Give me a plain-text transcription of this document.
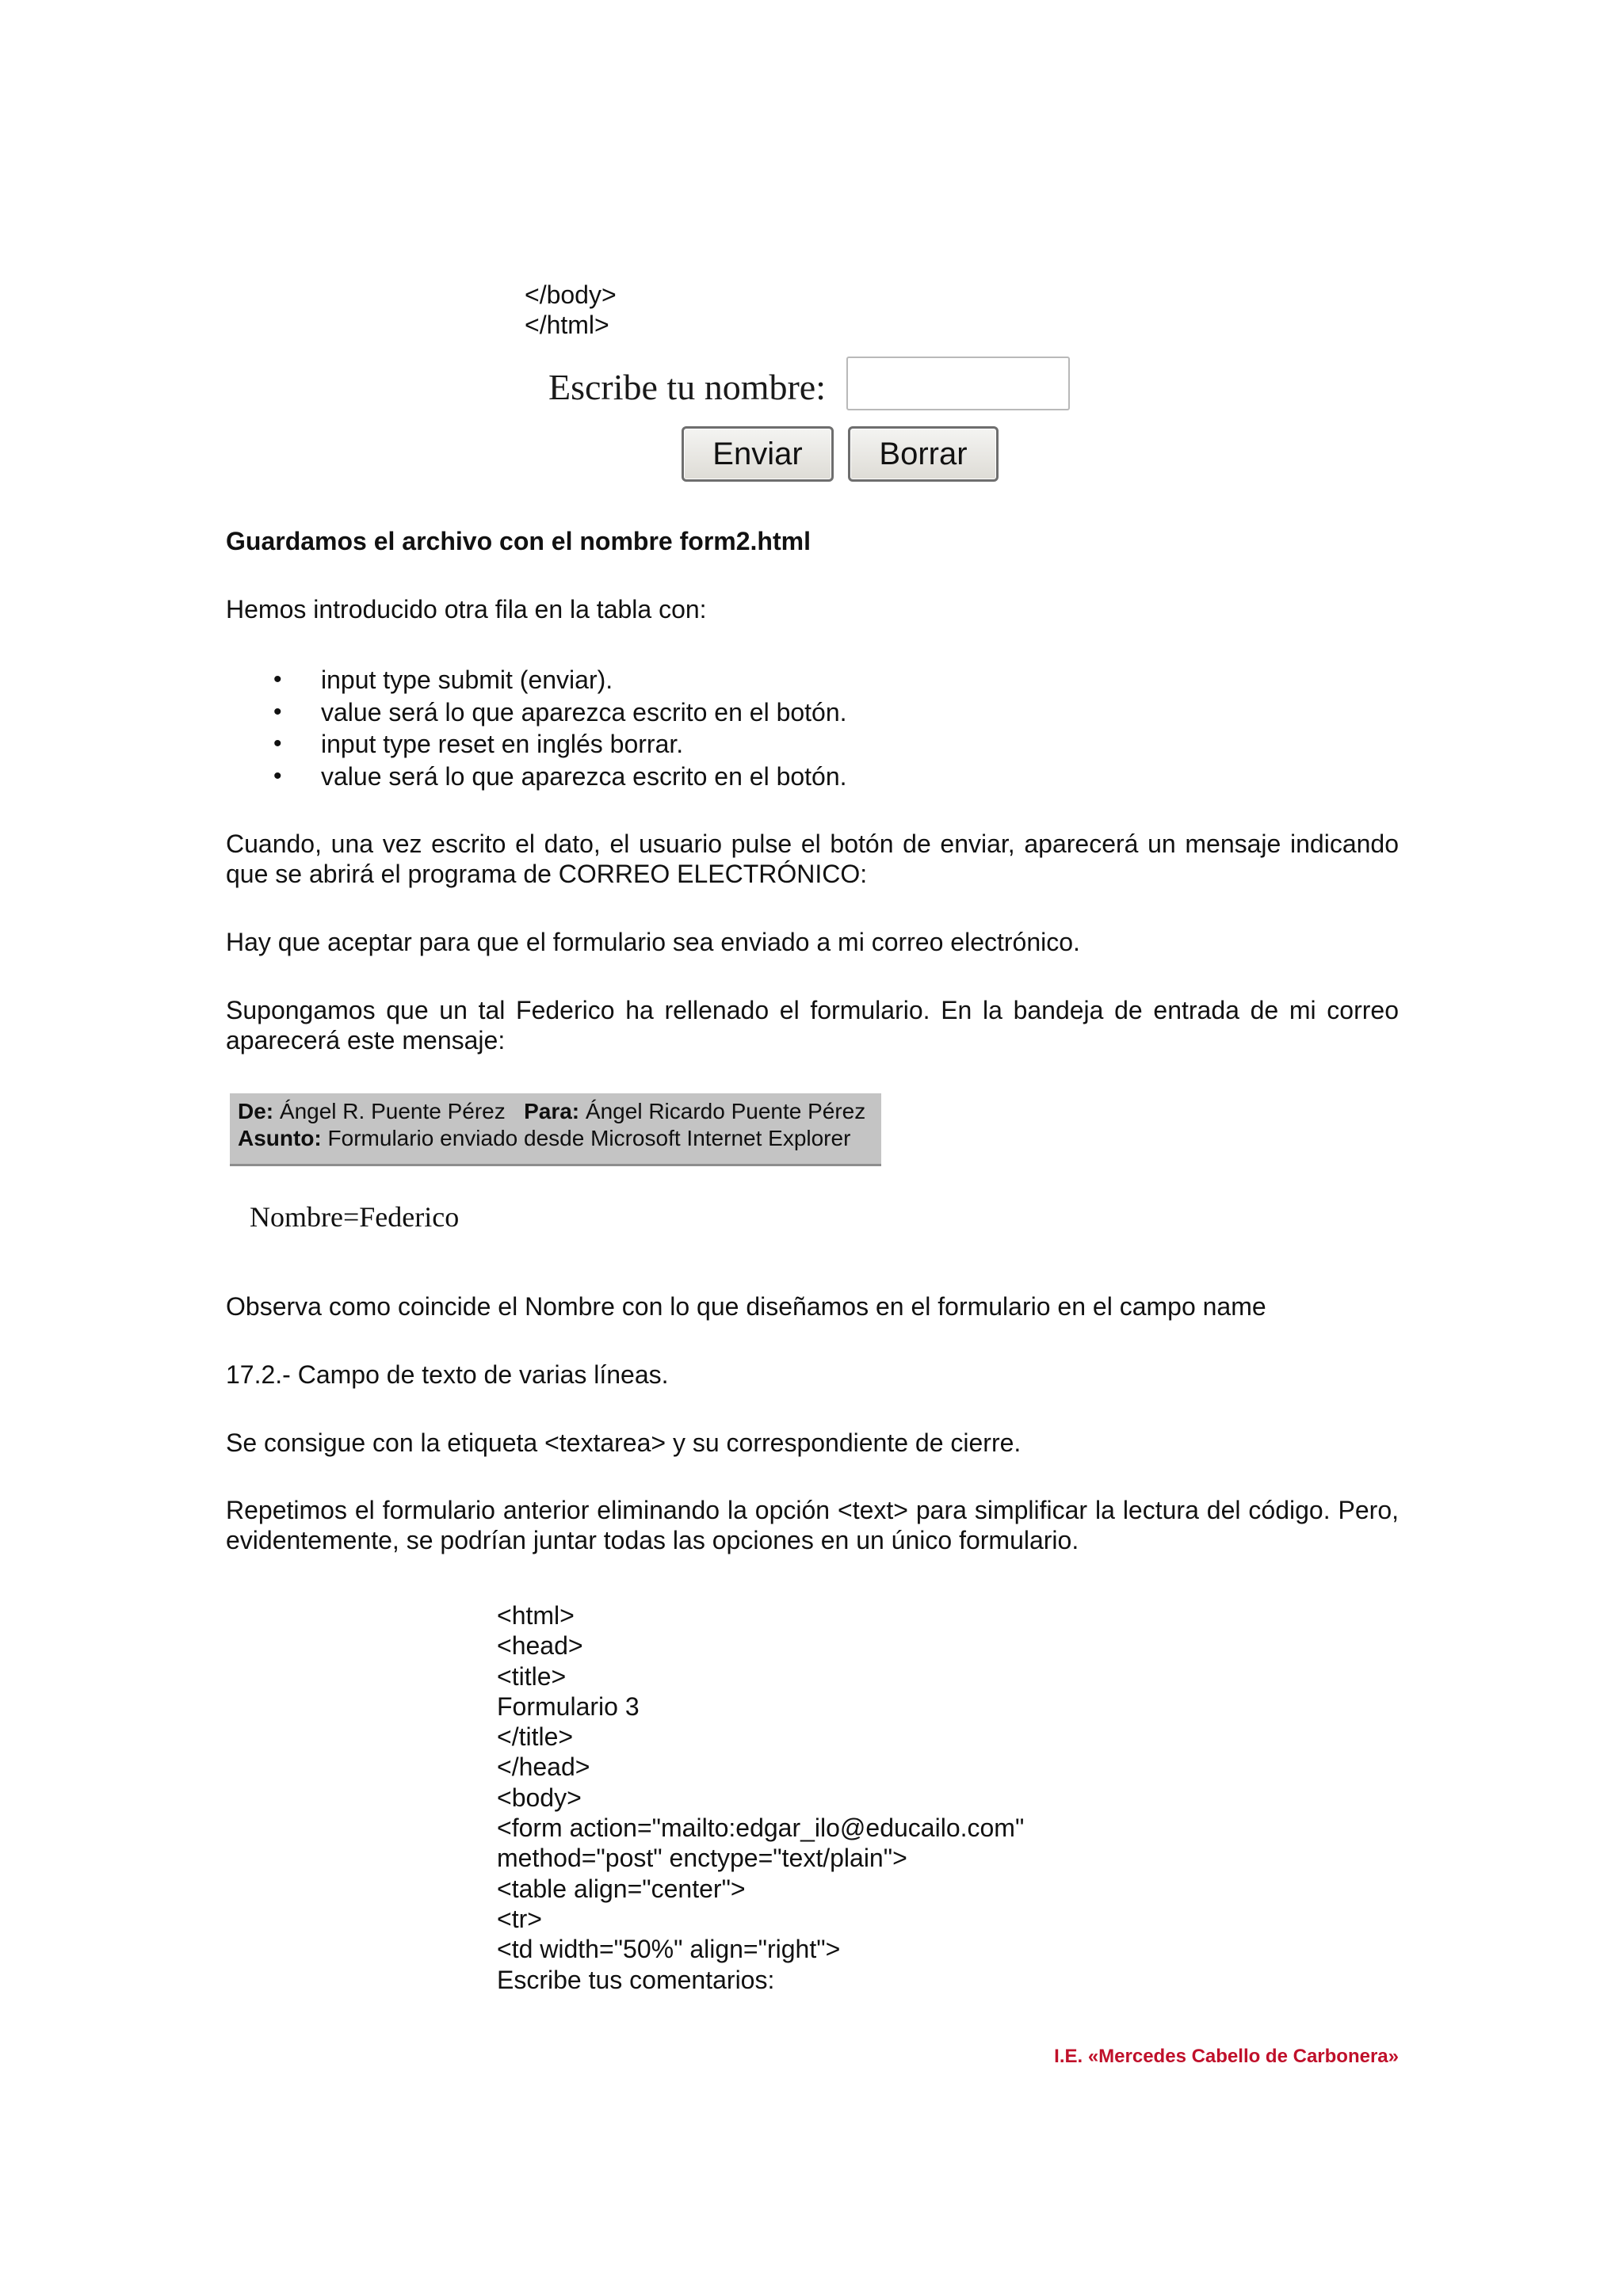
</body>

</html>

Escribe tu nombre:
Enviar	Borrar

Guardamos el archivo con el nombre form2.html

Hemos introducido otra fila en la tabla con:

• input type submit (enviar).
• value será lo que aparezca escrito en el botón.
• input type reset en inglés borrar.
• value será lo que aparezca escrito en el botón.

Cuando, una vez escrito el dato, el usuario pulse el botón de enviar, aparecerá un mensaje indicando que se abrirá el programa de CORREO ELECTRÓNICO:

Hay que aceptar para que el formulario sea enviado a mi correo electrónico.

Supongamos que un tal Federico ha rellenado el formulario. En la bandeja de entrada de mi correo aparecerá este mensaje:

De: Ángel R. Puente Pérez Para: Ángel Ricardo Puente Pérez
Asunto: Formulario enviado desde Microsoft Internet Explorer
Nombre=Federico

Observa como coincide el Nombre con lo que diseñamos en el formulario en el campo name

17.2.- Campo de texto de varias líneas.

Se consigue con la etiqueta <textarea> y su correspondiente de cierre.

Repetimos el formulario anterior eliminando la opción <text> para simplificar la lectura del código. Pero, evidentemente, se podrían juntar todas las opciones en un único formulario.

<html>

<head>

<title>

Formulario 3

</title>

</head>

<body>

<form action="mailto:edgar_ilo@educailo.com"

method="post" enctype="text/plain">

<table align="center">

<tr>

<td width="50%" align="right">

Escribe tus comentarios:

I.E. «Mercedes Cabello de Carbonera»
